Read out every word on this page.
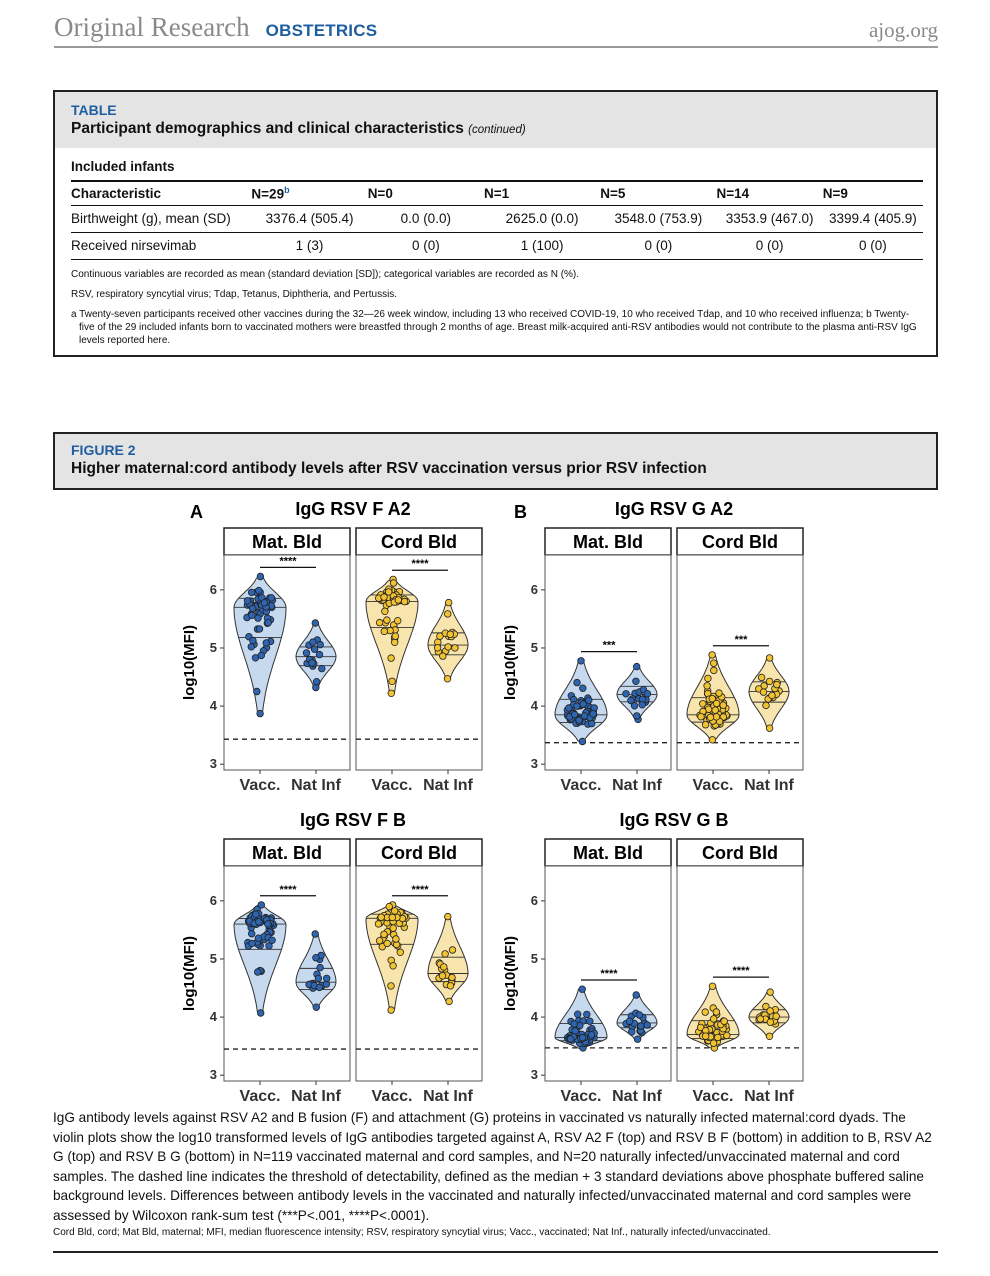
Original Research OBSTETRICS	ajog.org
TABLE
Participant demographics and clinical characteristics (continued)
Included infants
Characteristic	$N=29^b$	N=0	N=1	N=5	N=14	N=9
Birthweight (g), mean (SD)	3376.4 (505.4)	0.0 (0.0)	2625.0 (0.0)	3548.0 (753.9)	3353.9 (467.0)	3399.4 (405.9)
Received nirsevimab	1 (3)	0 (0)	1 (100)	0 (0)	0 (0)	0 (0)

Continuous variables are recorded as mean (standard deviation [SD]); categorical variables are recorded as N (%).

RSV, respiratory syncytial virus; Tdap, Tetanus, Diphtheria, and Pertussis.

a Twenty-seven participants received other vaccines during the 32—26 week window, including 13 who received COVID-19, 10 who received Tdap, and 10 who received influenza; b Twenty-five of the 29 included infants born to vaccinated mothers were breastfed through 2 months of age. Breast milk-acquired anti-RSV antibodies would not contribute to the plasma anti-RSV IgG levels reported here.

FIGURE 2
Higher maternal:cord antibody levels after RSV vaccination versus prior RSV infection
A	IgG RSV F A2
log10(MFI)
3
4
5
6
Mat. Bld
Vacc. Nat Inf
****
Cord Bld
Vacc. Nat Inf
****
B	IgG RSV G A2
log10(MFI)
3
4
5
6
Mat. Bld
Vacc. Nat Inf
***
Cord Bld
Vacc. Nat Inf
***
IgG RSV F B
log10(MFI)
3
4
5
6
Mat. Bld
Vacc. Nat Inf
****
Cord Bld
Vacc. Nat Inf
****
IgG RSV G B
log10(MFI)
3
4
5
6
Mat. Bld
Vacc. Nat Inf
****
Cord Bld
Vacc. Nat Inf
****
IgG antibody levels against RSV A2 and B fusion (F) and attachment (G) proteins in vaccinated vs naturally infected maternal:cord dyads. The violin plots show the log10 transformed levels of IgG antibodies targeted against A, RSV A2 F (top) and RSV B F (bottom) in addition to B, RSV A2 G (top) and RSV B G (bottom) in N=119 vaccinated maternal and cord samples, and N=20 naturally infected/unvaccinated maternal and cord samples. The dashed line indicates the threshold of detectability, defined as the median + 3 standard deviations above phosphate buffered saline background levels. Differences between antibody levels in the vaccinated and naturally infected/unvaccinated maternal and cord samples were assessed by Wilcoxon rank-sum test (***P<.001, ****P<.0001).
Cord Bld, cord; Mat Bld, maternal; MFI, median fluorescence intensity; RSV, respiratory syncytial virus; Vacc., vaccinated; Nat Inf., naturally infected/unvaccinated.
